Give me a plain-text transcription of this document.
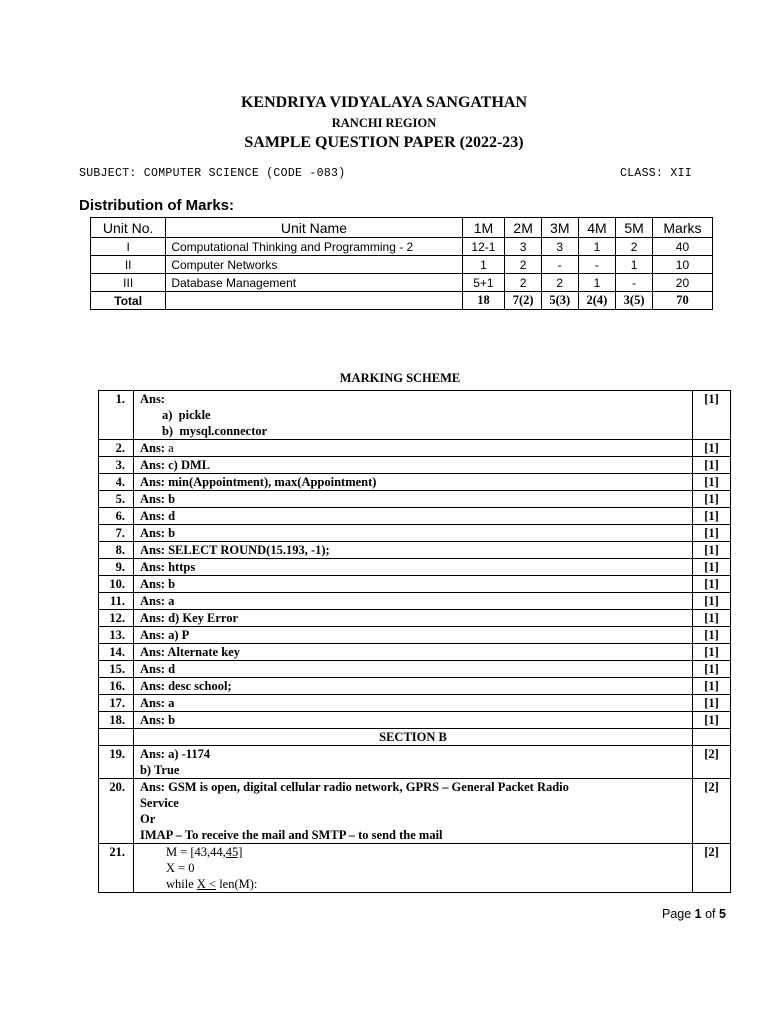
KENDRIYA VIDYALAYA SANGATHAN
RANCHI REGION
SAMPLE QUESTION PAPER (2022-23)
SUBJECT: COMPUTER SCIENCE (CODE -083)	CLASS: XII
Distribution of Marks:
Unit No.	Unit Name	1M	2M	3M	4M	5M	Marks
I	Computational Thinking and Programming - 2	12-1	3	3	1	2	40
II	Computer Networks	1	2	-	-	1	10
III	Database Management	5+1	2	2	1	-	20
Total		18	7(2)	5(3)	2(4)	3(5)	70
MARKING SCHEME
1.	Ans:
a) pickle
b) mysql.connector	[1]
2.	Ans: a	[1]
3.	Ans: c) DML	[1]
4.	Ans: min(Appointment), max(Appointment)	[1]
5.	Ans: b	[1]
6.	Ans: d	[1]
7.	Ans: b	[1]
8.	Ans: SELECT ROUND(15.193, -1);	[1]
9.	Ans: https	[1]
10.	Ans: b	[1]
11.	Ans: a	[1]
12.	Ans: d) Key Error	[1]
13.	Ans: a) P	[1]
14.	Ans: Alternate key	[1]
15.	Ans: d	[1]
16.	Ans: desc school;	[1]
17.	Ans: a	[1]
18.	Ans: b	[1]
	SECTION B	
19.	Ans: a) -1174
b) True	[2]
20.	Ans: GSM is open, digital cellular radio network, GPRS – General Packet Radio
Service
Or
IMAP – To receive the mail and SMTP – to send the mail	[2]
21.	M = [43,44,45]
X = 0
while X < len(M):	[2]
Page 1 of 5
